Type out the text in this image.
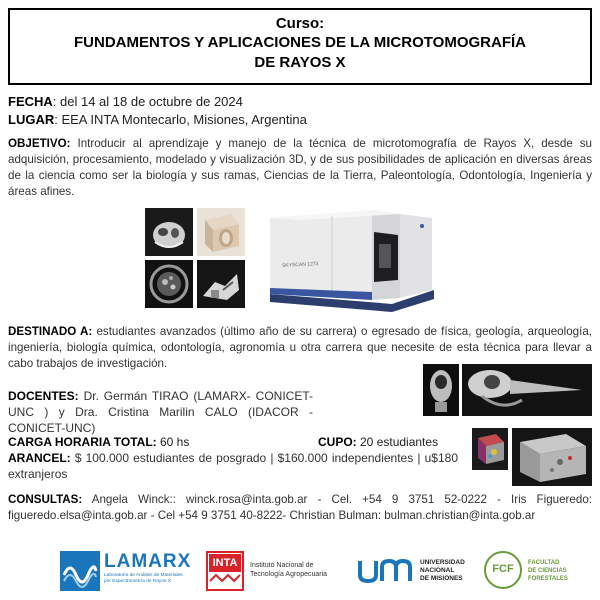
Curso:
FUNDAMENTOS Y APLICACIONES DE LA MICROTOMOGRAFÍA
DE RAYOS X
FECHA: del 14 al 18 de octubre de 2024
LUGAR: EEA INTA Montecarlo, Misiones, Argentina
OBJETIVO: Introducir al aprendizaje y manejo de la técnica de microtomografía de Rayos X, desde su adquisición, procesamiento, modelado y visualización 3D, y de sus posibilidades de aplicación en diversas áreas de la ciencia como ser la biología y sus ramas, Ciencias de la Tierra, Paleontología, Odontología, Ingeniería y áreas afines.
SKYSCAN 1273
DESTINADO A: estudiantes avanzados (último año de su carrera) o egresado de física, geología, arqueología, ingeniería, biología química, odontología, agronomía u otra carrera que necesite de esta técnica para llevar a cabo trabajos de investigación.
DOCENTES: Dr. Germán TIRAO (LAMARX- CONICET-UNC ) y Dra. Cristina Marilin CALO (IDACOR - CONICET-UNC)
CARGA HORARIA TOTAL: 60 hs	CUPO: 20 estudiantes
ARANCEL: $ 100.000 estudiantes de posgrado | $160.000 independientes | u$180 extranjeros
CONSULTAS: Angela Winck:: winck.rosa@inta.gob.ar - Cel. +54 9 3751 52-0222 - Iris Figueredo: figueredo.elsa@inta.gob.ar - Cel +54 9 3751 40-8222- Christian Bulman: bulman.christian@inta.gob.ar
LAMARX
Laboratorio de Análisis de Materiales
por Espectrometría de Rayos X
INTA	Instituto Nacional de
Tecnología Agropecuaria
UNIVERSIDAD
NACIONAL
DE MISIONES
FCF	FACULTAD
DE CIENCIAS
FORESTALES
